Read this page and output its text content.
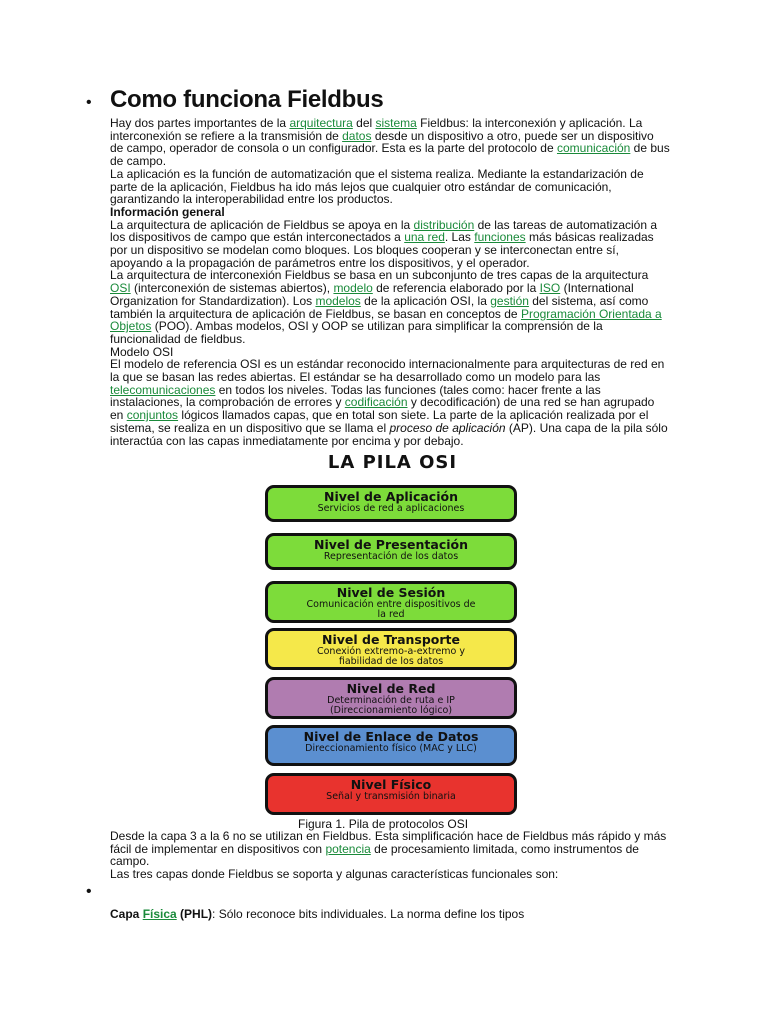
• Como funciona Fieldbus

Hay dos partes importantes de la arquitectura del sistema Fieldbus: la interconexión y aplicación. La interconexión se refiere a la transmisión de datos desde un dispositivo a otro, puede ser un dispositivo de campo, operador de consola o un configurador. Esta es la parte del protocolo de comunicación de bus de campo.

La aplicación es la función de automatización que el sistema realiza. Mediante la estandarización de parte de la aplicación, Fieldbus ha ido más lejos que cualquier otro estándar de comunicación, garantizando la interoperabilidad entre los productos.

Información general

La arquitectura de aplicación de Fieldbus se apoya en la distribución de las tareas de automatización a los dispositivos de campo que están interconectados a una red. Las funciones más básicas realizadas por un dispositivo se modelan como bloques. Los bloques cooperan y se interconectan entre sí, apoyando a la propagación de parámetros entre los dispositivos, y el operador.

La arquitectura de interconexión Fieldbus se basa en un subconjunto de tres capas de la arquitectura OSI (interconexión de sistemas abiertos), modelo de referencia elaborado por la ISO (International Organization for Standardization). Los modelos de la aplicación OSI, la gestión del sistema, así como también la arquitectura de aplicación de Fieldbus, se basan en conceptos de Programación Orientada a Objetos (POO). Ambas modelos, OSI y OOP se utilizan para simplificar la comprensión de la funcionalidad de fieldbus.

Modelo OSI

El modelo de referencia OSI es un estándar reconocido internacionalmente para arquitecturas de red en la que se basan las redes abiertas. El estándar se ha desarrollado como un modelo para las telecomunicaciones en todos los niveles. Todas las funciones (tales como: hacer frente a las instalaciones, la comprobación de errores y codificación y decodificación) de una red se han agrupado en conjuntos lógicos llamados capas, que en total son siete. La parte de la aplicación realizada por el sistema, se realiza en un dispositivo que se llama el proceso de aplicación (AP). Una capa de la pila sólo interactúa con las capas inmediatamente por encima y por debajo.

LA PILA OSI
Nivel de Aplicación
Servicios de red a aplicaciones
Nivel de Presentación
Representación de los datos
Nivel de Sesión
Comunicación entre dispositivos de la red
Nivel de Transporte
Conexión extremo-a-extremo y fiabilidad de los datos
Nivel de Red
Determinación de ruta e IP (Direccionamiento lógico)
Nivel de Enlace de Datos
Direccionamiento físico (MAC y LLC)
Nivel Físico
Señal y transmisión binaria
Figura 1. Pila de protocolos OSI

Desde la capa 3 a la 6 no se utilizan en Fieldbus. Esta simplificación hace de Fieldbus más rápido y más fácil de implementar en dispositivos con potencia de procesamiento limitada, como instrumentos de campo.

Las tres capas donde Fieldbus se soporta y algunas características funcionales son:

•
Capa Física (PHL): Sólo reconoce bits individuales. La norma define los tipos
